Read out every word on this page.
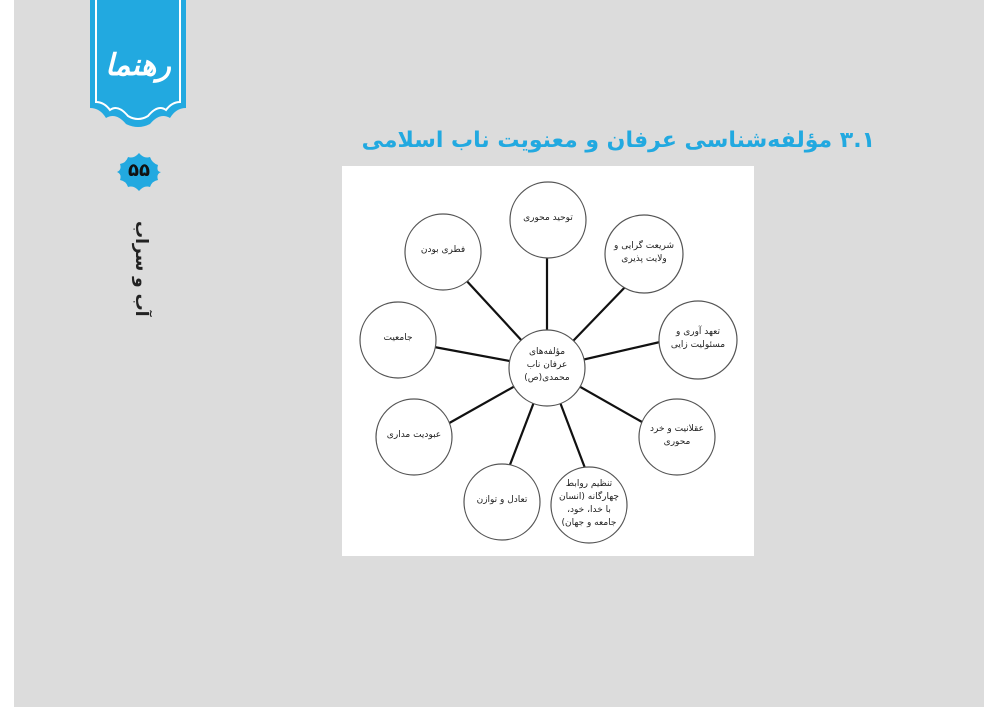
رهنما
۵۵
۳.۱ مؤلفه‌شناسی عرفان و معنویت ناب اسلامی
مؤلفه‌های عرفان ناب محمدی(ص)
توحید محوری
شریعت گرایی و ولایت پذیری
تعهد آوری و مسئولیت زایی
عقلانیت و خرد محوری
تنظیم روابط چهارگانه (انسان با خدا، خود، جامعه و جهان)
تعادل و توازن
عبودیت مداری
جامعیت
فطری بودن
